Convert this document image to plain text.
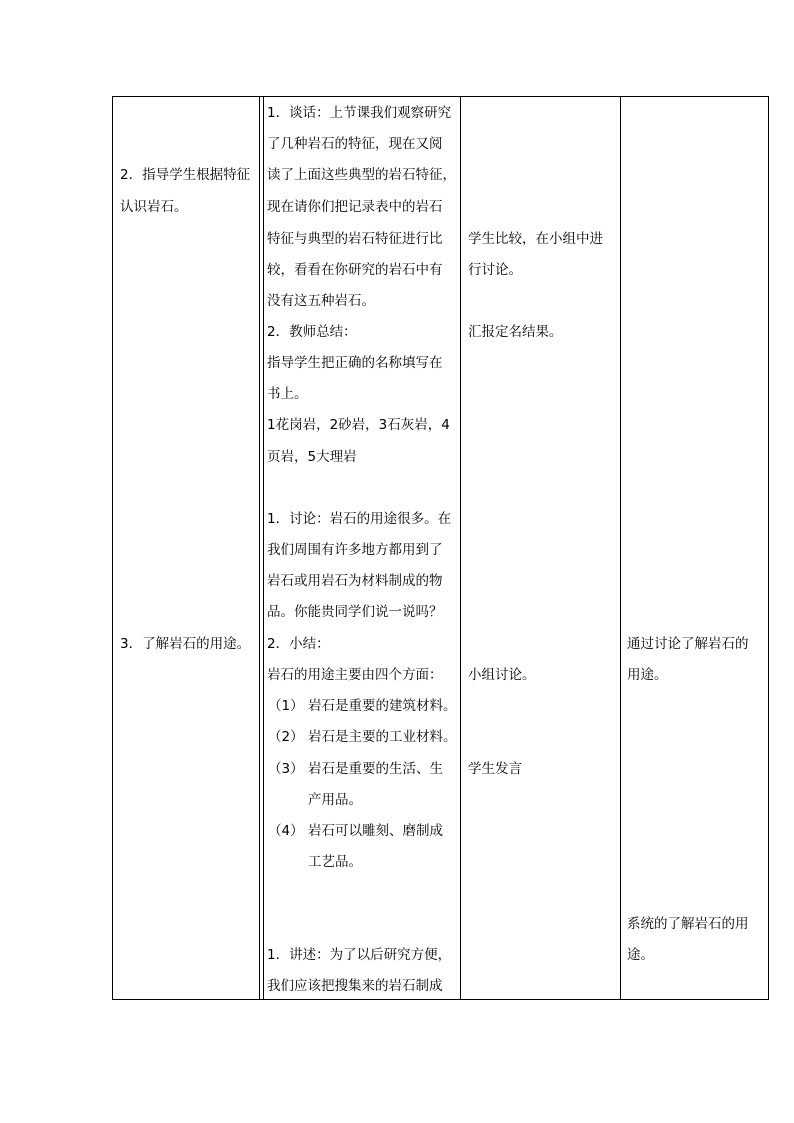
2．指导学生根据特征
认识岩石。
3．了解岩石的用途。
1．谈话：上节课我们观察研究
了几种岩石的特征，现在又阅
读了上面这些典型的岩石特征，
现在请你们把记录表中的岩石
特征与典型的岩石特征进行比
较，看看在你研究的岩石中有
没有这五种岩石。
2．教师总结：
指导学生把正确的名称填写在
书上。
1花岗岩，2砂岩，3石灰岩，4
页岩，5大理岩
1．讨论：岩石的用途很多。在
我们周围有许多地方都用到了
岩石或用岩石为材料制成的物
品。你能贵同学们说一说吗？
2．小结：
岩石的用途主要由四个方面：
（1） 岩石是重要的建筑材料。
（2） 岩石是主要的工业材料。
（3） 岩石是重要的生活、生
产用品。
（4） 岩石可以雕刻、磨制成
工艺品。
1．讲述：为了以后研究方便，
我们应该把搜集来的岩石制成
学生比较，在小组中进
行讨论。
汇报定名结果。
小组讨论。
学生发言
通过讨论了解岩石的
用途。
系统的了解岩石的用
途。
